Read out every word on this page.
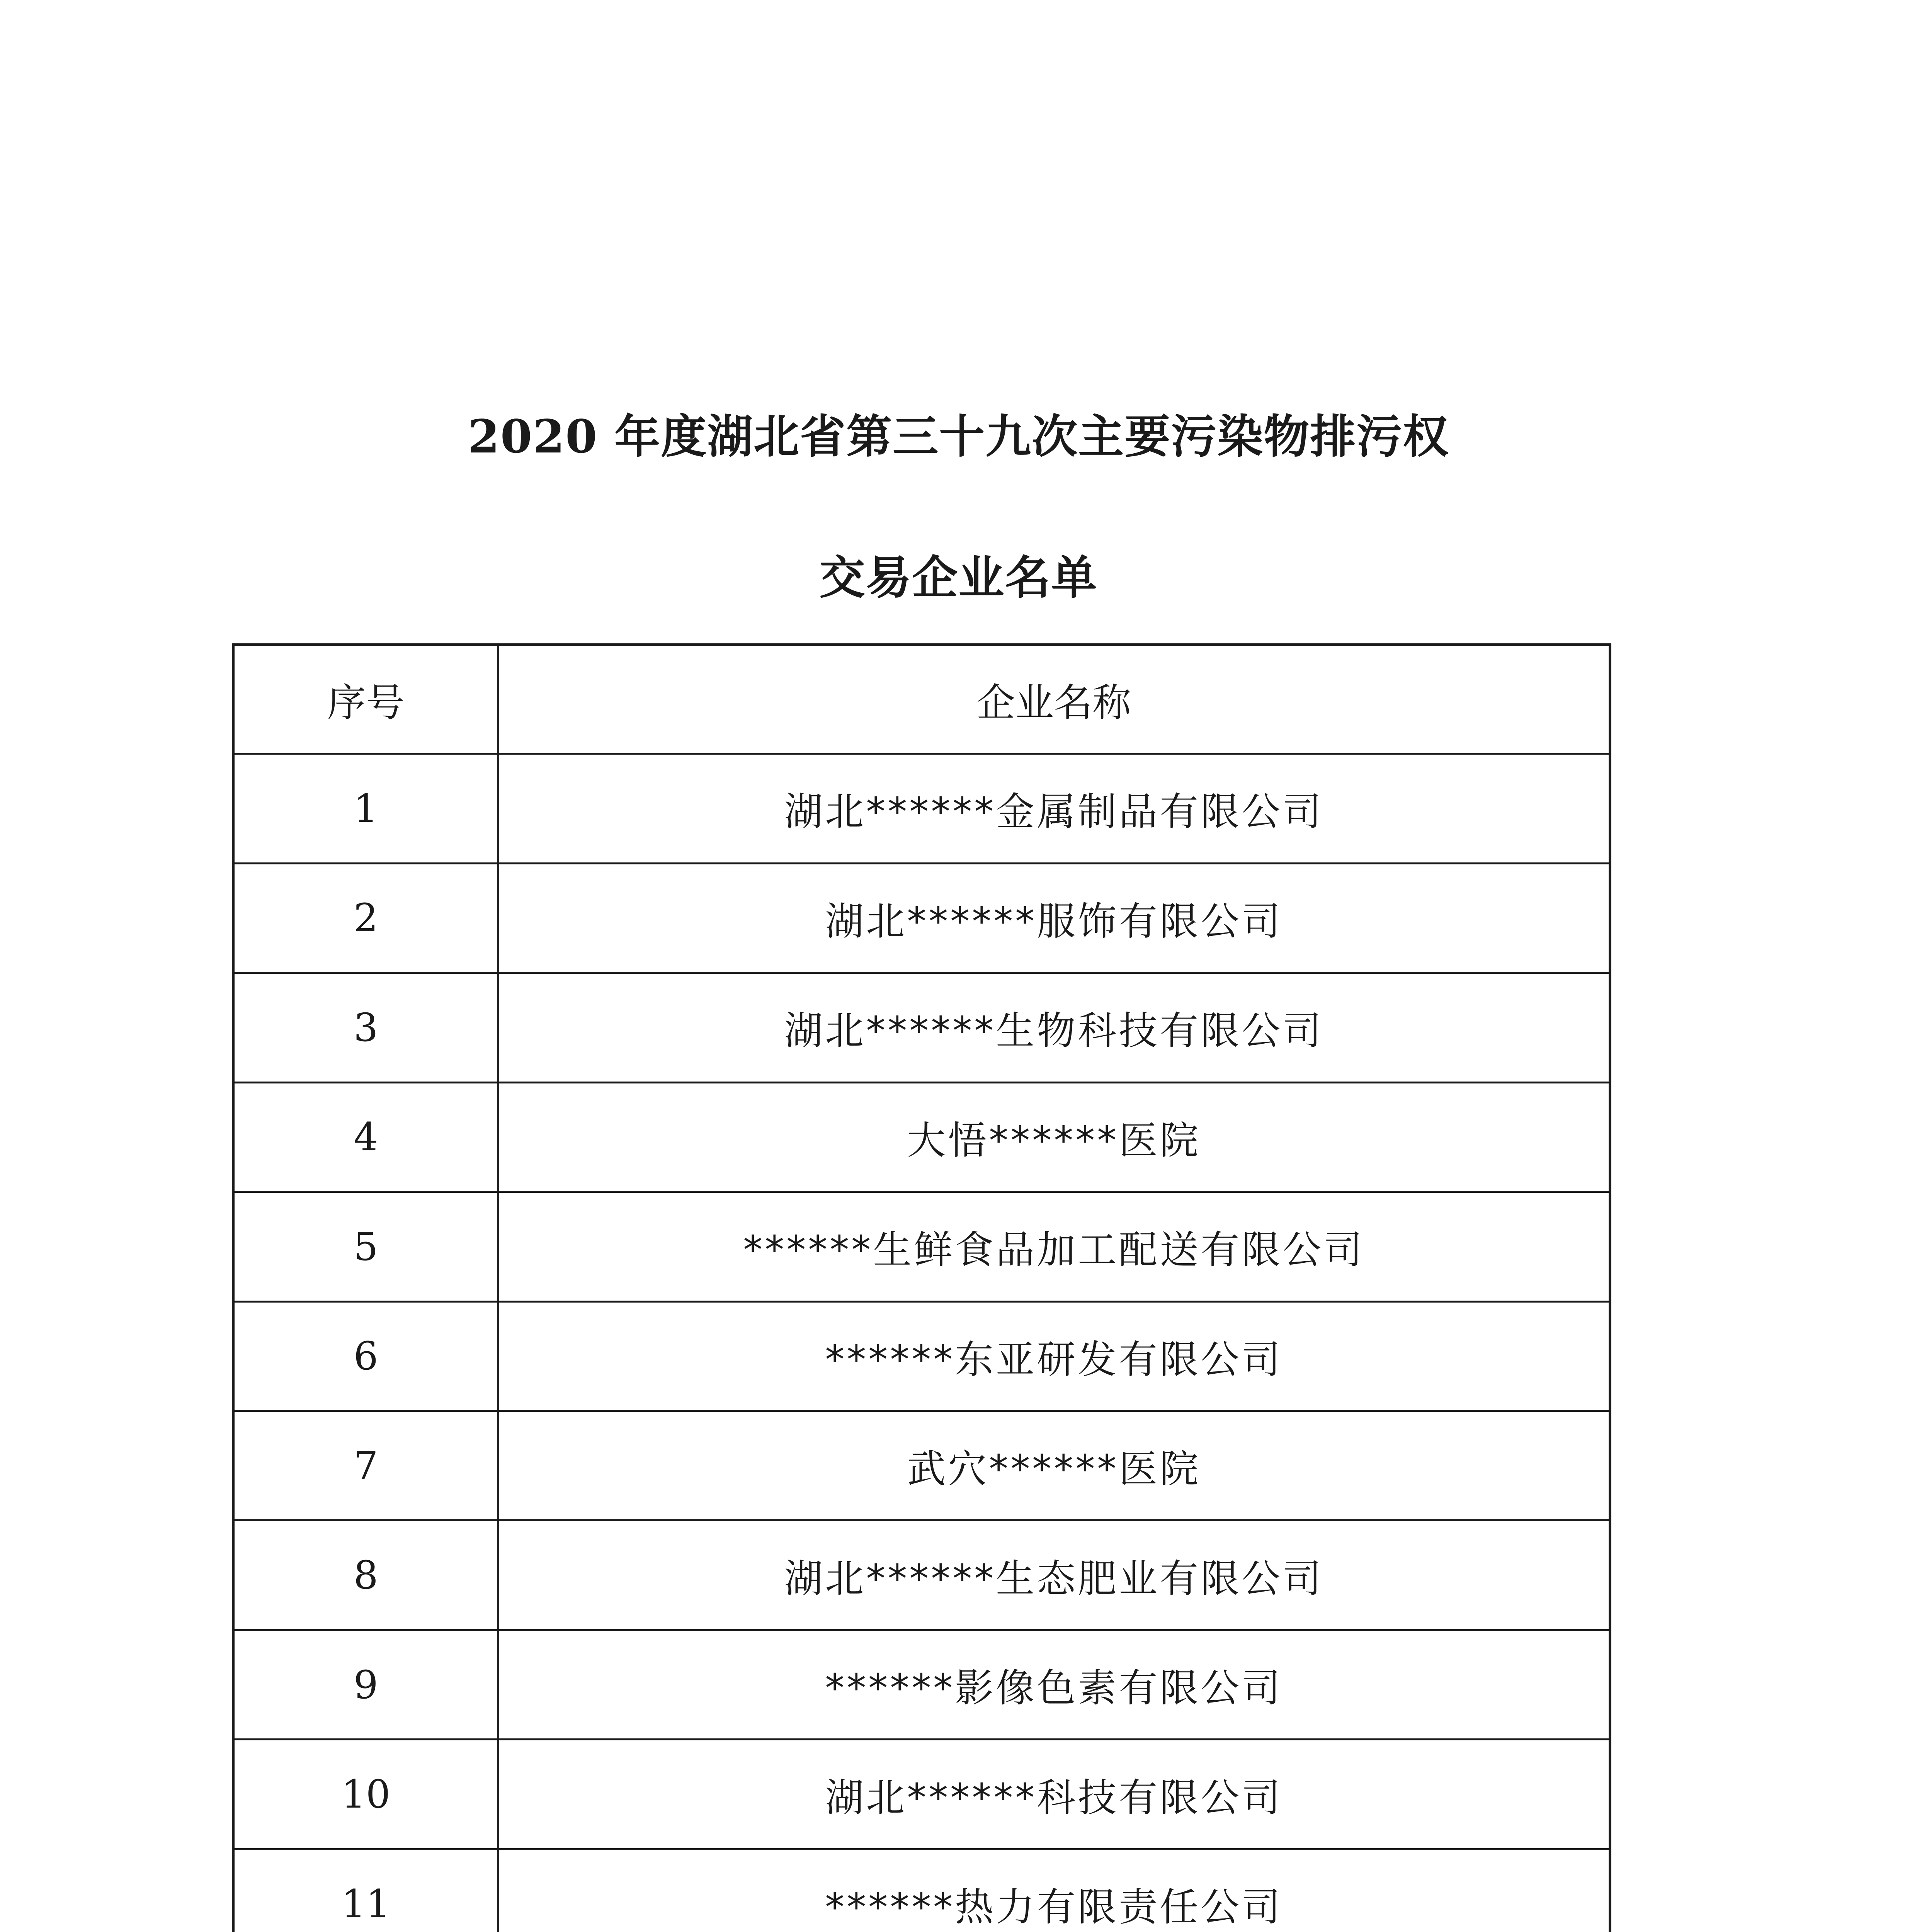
2020 年度湖北省第三十九次主要污染物排污权
交易企业名单
序号	企业名称
1	湖北******金属制品有限公司
2	湖北******服饰有限公司
3	湖北******生物科技有限公司
4	大悟******医院
5	******生鲜食品加工配送有限公司
6	******东亚研发有限公司
7	武穴******医院
8	湖北******生态肥业有限公司
9	******影像色素有限公司
10	湖北******科技有限公司
11	******热力有限责任公司
